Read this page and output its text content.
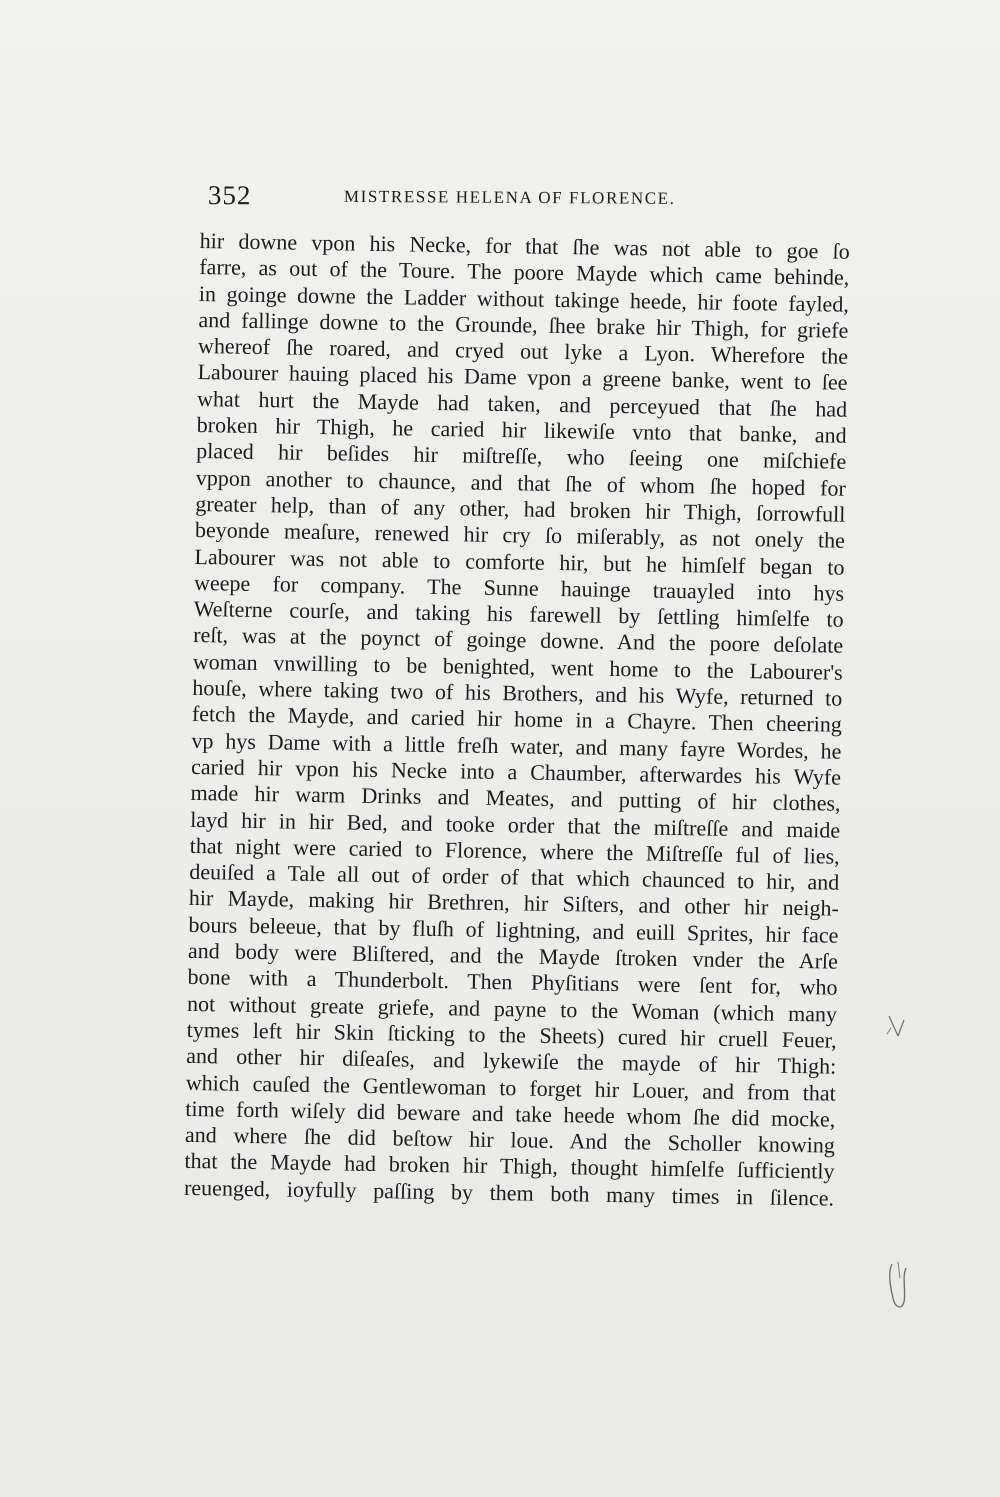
352	MISTRESSE HELENA OF FLORENCE.
hir downe vpon his Necke, for that ſhe was not able to goe ſo
farre, as out of the Toure. The poore Mayde which came behinde,
in goinge downe the Ladder without takinge heede, hir foote fayled,
and fallinge downe to the Grounde, ſhee brake hir Thigh, for griefe
whereof ſhe roared, and cryed out lyke a Lyon. Wherefore the
Labourer hauing placed his Dame vpon a greene banke, went to ſee
what hurt the Mayde had taken, and perceyued that ſhe had
broken hir Thigh, he caried hir likewiſe vnto that banke, and
placed hir beſides hir miſtreſſe, who ſeeing one miſchiefe
vppon another to chaunce, and that ſhe of whom ſhe hoped for
greater help, than of any other, had broken hir Thigh, ſorrowfull
beyonde meaſure, renewed hir cry ſo miſerably, as not onely the
Labourer was not able to comforte hir, but he himſelf began to
weepe for company. The Sunne hauinge trauayled into hys
Weſterne courſe, and taking his farewell by ſettling himſelfe to
reſt, was at the poynct of goinge downe. And the poore deſolate
woman vnwilling to be benighted, went home to the Labourer's
houſe, where taking two of his Brothers, and his Wyfe, returned to
fetch the Mayde, and caried hir home in a Chayre. Then cheering
vp hys Dame with a little freſh water, and many fayre Wordes, he
caried hir vpon his Necke into a Chaumber, afterwardes his Wyfe
made hir warm Drinks and Meates, and putting of hir clothes,
layd hir in hir Bed, and tooke order that the miſtreſſe and maide
that night were caried to Florence, where the Miſtreſſe ful of lies,
deuiſed a Tale all out of order of that which chaunced to hir, and
hir Mayde, making hir Brethren, hir Siſters, and other hir neigh-
bours beleeue, that by fluſh of lightning, and euill Sprites, hir face
and body were Bliſtered, and the Mayde ſtroken vnder the Arſe
bone with a Thunderbolt. Then Phyſitians were ſent for, who
not without greate griefe, and payne to the Woman (which many
tymes left hir Skin ſticking to the Sheets) cured hir cruell Feuer,
and other hir diſeaſes, and lykewiſe the mayde of hir Thigh:
which cauſed the Gentlewoman to forget hir Louer, and from that
time forth wiſely did beware and take heede whom ſhe did mocke,
and where ſhe did beſtow hir loue. And the Scholler knowing
that the Mayde had broken hir Thigh, thought himſelfe ſufficiently
reuenged, ioyfully paſſing by them both many times in ſilence.
